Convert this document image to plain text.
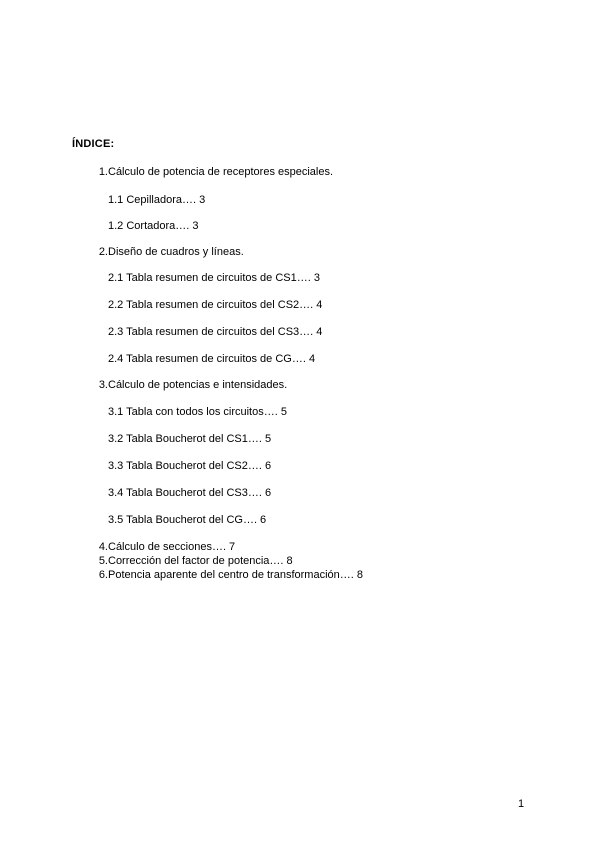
ÍNDICE:
1. Cálculo de potencia de receptores especiales.
1.1 Cepilladora…. 3
1.2 Cortadora…. 3
2. Diseño de cuadros y líneas.
2.1 Tabla resumen de circuitos de CS1…. 3
2.2 Tabla resumen de circuitos del CS2…. 4
2.3 Tabla resumen de circuitos del CS3…. 4
2.4 Tabla resumen de circuitos de CG…. 4
3. Cálculo de potencias e intensidades.
3.1 Tabla con todos los circuitos…. 5
3.2 Tabla Boucherot del CS1…. 5
3.3 Tabla Boucherot del CS2…. 6
3.4 Tabla Boucherot del CS3…. 6
3.5 Tabla Boucherot del CG…. 6
4. Cálculo de secciones…. 7
5. Corrección del factor de potencia…. 8
6. Potencia aparente del centro de transformación…. 8
1
